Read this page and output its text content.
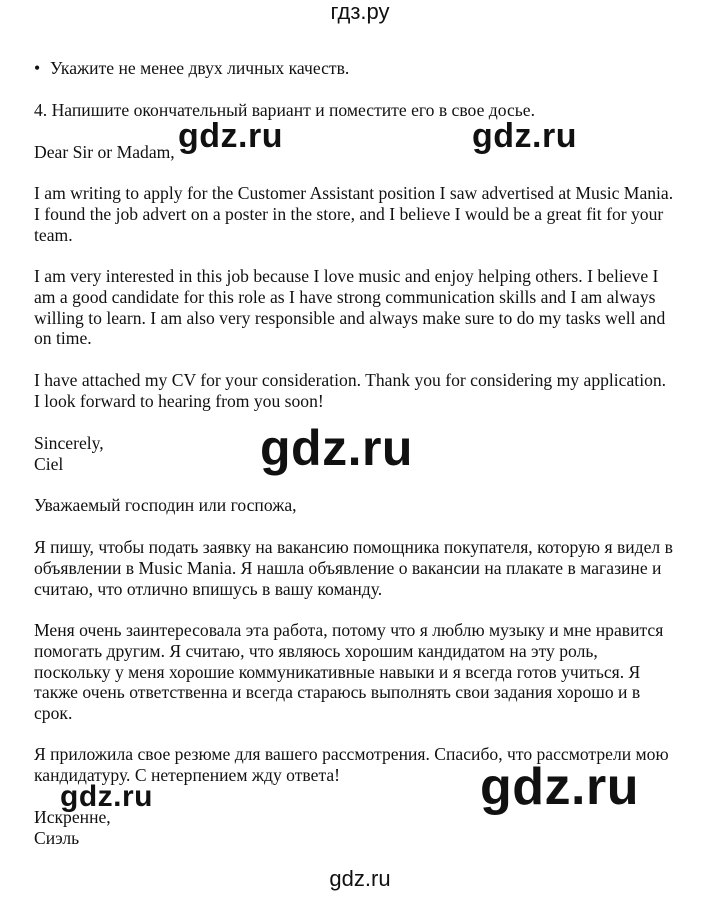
гдз.ру

• Укажите не менее двух личных качеств.

4. Напишите окончательный вариант и поместите его в свое досье.

Dear Sir or Madam,

I am writing to apply for the Customer Assistant position I saw advertised at Music Mania. I found the job advert on a poster in the store, and I believe I would be a great fit for your team.

I am very interested in this job because I love music and enjoy helping others. I believe I am a good candidate for this role as I have strong communication skills and I am always willing to learn. I am also very responsible and always make sure to do my tasks well and on time.

I have attached my CV for your consideration. Thank you for considering my application. I look forward to hearing from you soon!

Sincerely,
Ciel

Уважаемый господин или госпожа,

Я пишу, чтобы подать заявку на вакансию помощника покупателя, которую я видел в объявлении в Music Mania. Я нашла объявление о вакансии на плакате в магазине и считаю, что отлично впишусь в вашу команду.

Меня очень заинтересовала эта работа, потому что я люблю музыку и мне нравится помогать другим. Я считаю, что являюсь хорошим кандидатом на эту роль, поскольку у меня хорошие коммуникативные навыки и я всегда готов учиться. Я также очень ответственна и всегда стараюсь выполнять свои задания хорошо и в срок.

Я приложила свое резюме для вашего рассмотрения. Спасибо, что рассмотрели мою кандидатуру. С нетерпением жду ответа!

Искренне,
Сиэль

gdz.ru	gdz.ru
gdz.ru
gdz.ru
gdz.ru
gdz.ru
